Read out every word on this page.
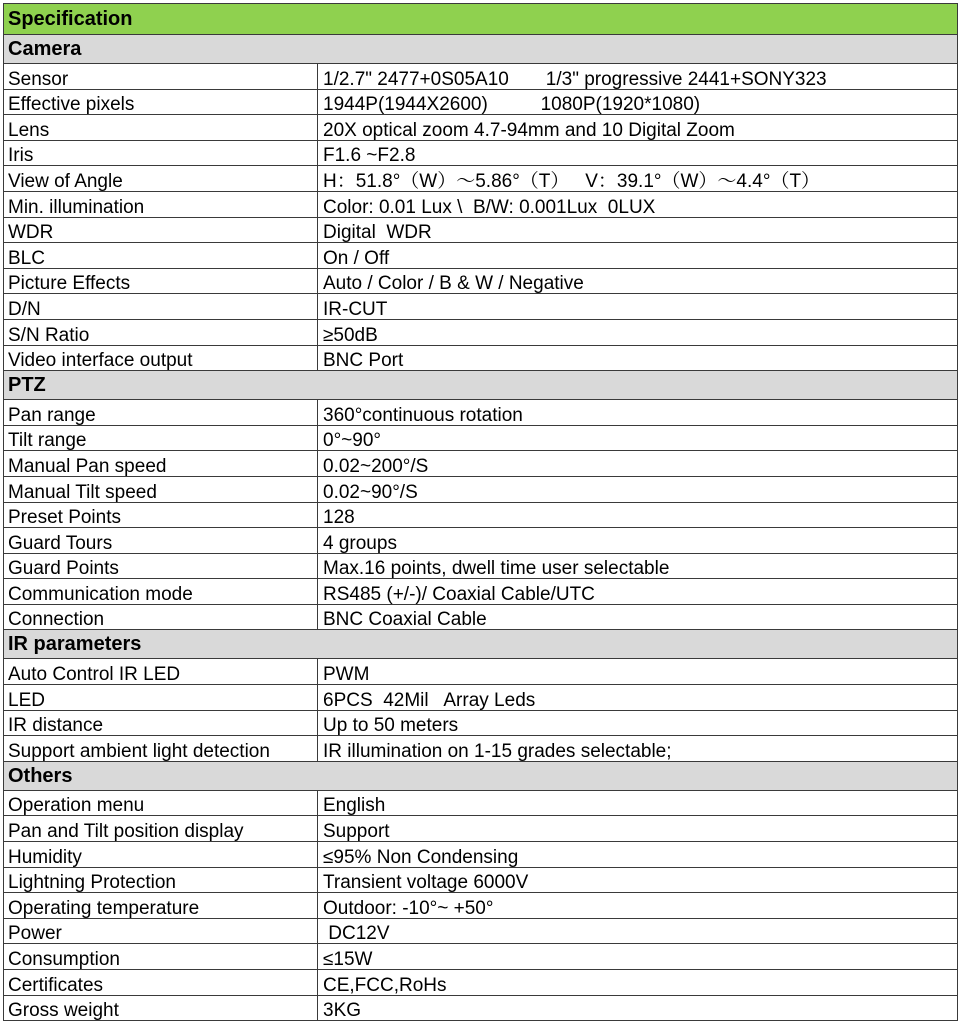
Specification	
Camera	
Sensor	1/2.7" 2477+0S05A10       1/3" progressive 2441+SONY323
Effective pixels	1944P(1944X2600)          1080P(1920*1080)
Lens	20X optical zoom 4.7-94mm and 10 Digital Zoom
Iris	F1.6 ~F2.8
View of Angle	H：51.8°（W）～5.86°（T）   V：39.1°（W）～4.4°（T）
Min. illumination	Color: 0.01 Lux \  B/W: 0.001Lux  0LUX
WDR	Digital  WDR
BLC	On / Off
Picture Effects	Auto / Color / B & W / Negative
D/N	IR-CUT
S/N Ratio	≥50dB
Video interface output	BNC Port
PTZ	
Pan range	360°continuous rotation
Tilt range	0°~90°
Manual Pan speed	0.02~200°/S
Manual Tilt speed	0.02~90°/S
Preset Points	128
Guard Tours	4 groups
Guard Points	Max.16 points, dwell time user selectable
Communication mode	RS485 (+/-)/ Coaxial Cable/UTC
Connection	BNC Coaxial Cable
IR parameters	
Auto Control IR LED	PWM
LED	6PCS  42Mil   Array Leds
IR distance	Up to 50 meters
Support ambient light detection	IR illumination on 1-15 grades selectable;
Others	
Operation menu	English
Pan and Tilt position display	Support
Humidity	≤95% Non Condensing
Lightning Protection	Transient voltage 6000V
Operating temperature	Outdoor: -10°~ +50°
Power	DC12V
Consumption	≤15W
Certificates	CE,FCC,RoHs
Gross weight	3KG
